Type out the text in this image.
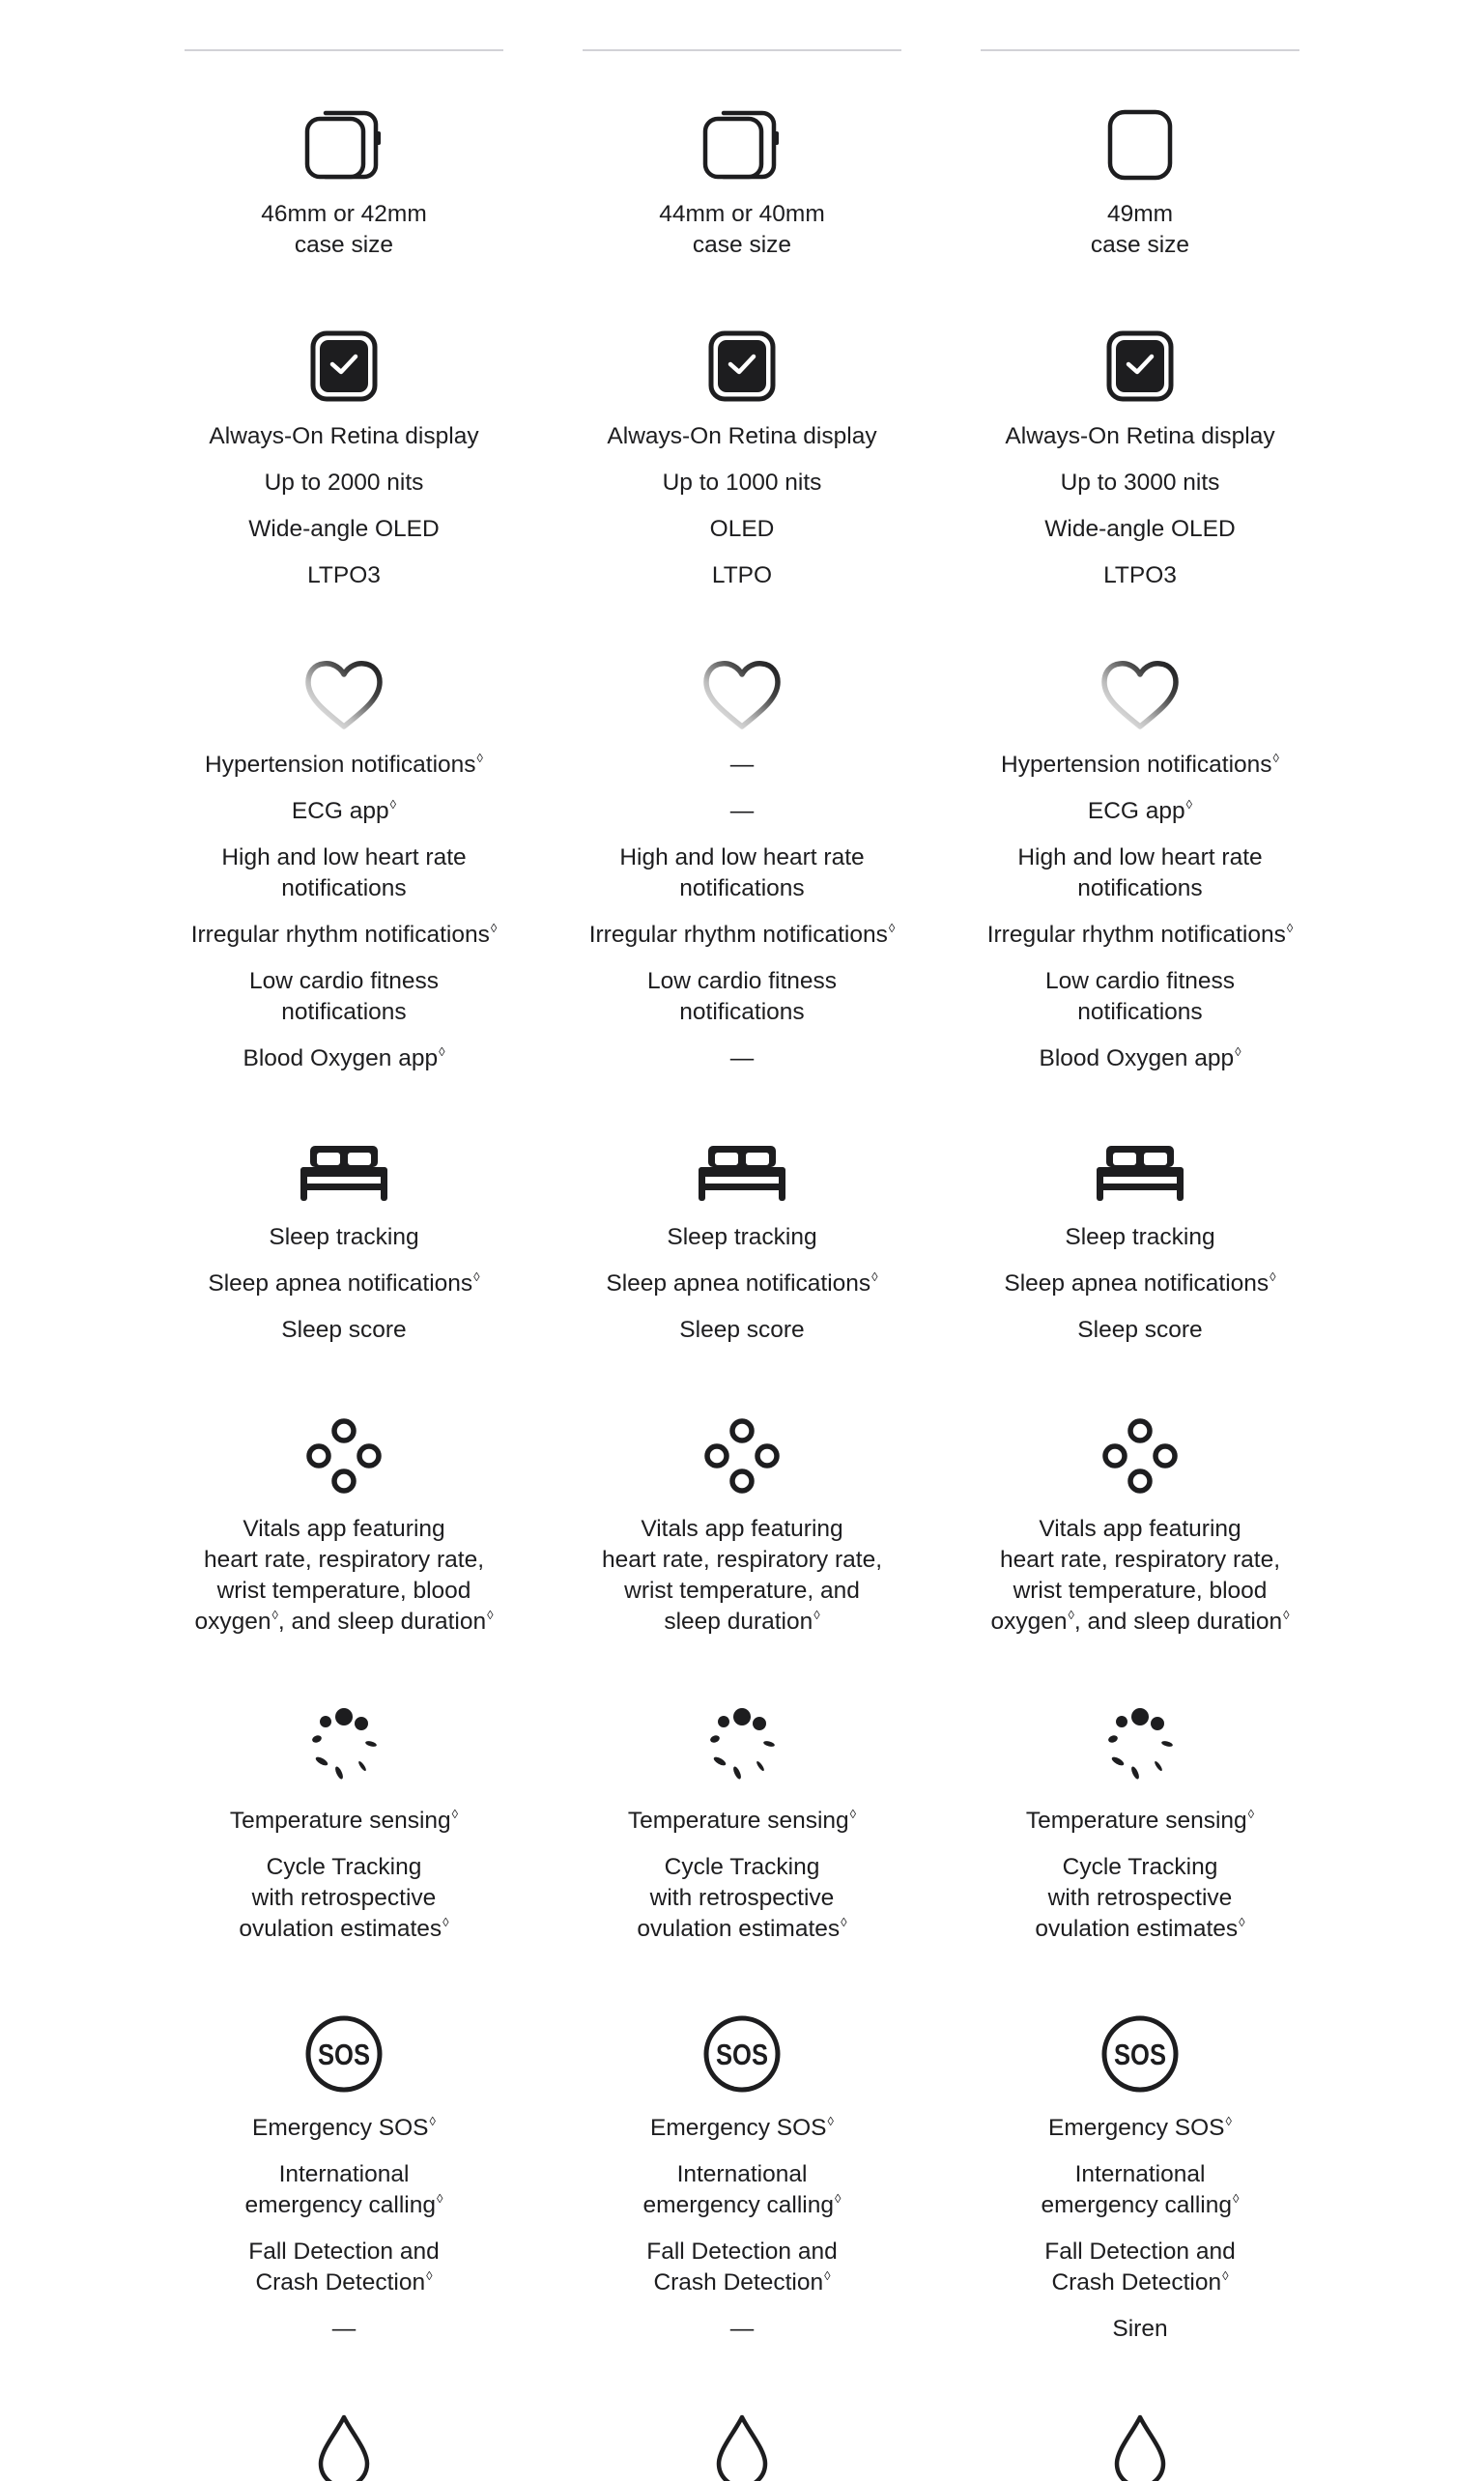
46mm or 42mm
case size
Always-On Retina display
Up to 2000 nits
Wide-angle OLED
LTPO3
Hypertension notifications◊
ECG app◊
High and low heart rate
notifications
Irregular rhythm notifications◊
Low cardio fitness
notifications
Blood Oxygen app◊
Sleep tracking
Sleep apnea notifications◊
Sleep score
Vitals app featuring
heart rate, respiratory rate,
wrist temperature, blood
oxygen◊, and sleep duration◊
Temperature sensing◊
Cycle Tracking
with retrospective
ovulation estimates◊
SOS
Emergency SOS◊
International
emergency calling◊
Fall Detection and
Crash Detection◊
—
44mm or 40mm
case size
Always-On Retina display
Up to 1000 nits
OLED
LTPO
—
—
High and low heart rate
notifications
Irregular rhythm notifications◊
Low cardio fitness
notifications
—
Sleep tracking
Sleep apnea notifications◊
Sleep score
Vitals app featuring
heart rate, respiratory rate,
wrist temperature, and
sleep duration◊
Temperature sensing◊
Cycle Tracking
with retrospective
ovulation estimates◊
SOS
Emergency SOS◊
International
emergency calling◊
Fall Detection and
Crash Detection◊
—
49mm
case size
Always-On Retina display
Up to 3000 nits
Wide-angle OLED
LTPO3
Hypertension notifications◊
ECG app◊
High and low heart rate
notifications
Irregular rhythm notifications◊
Low cardio fitness
notifications
Blood Oxygen app◊
Sleep tracking
Sleep apnea notifications◊
Sleep score
Vitals app featuring
heart rate, respiratory rate,
wrist temperature, blood
oxygen◊, and sleep duration◊
Temperature sensing◊
Cycle Tracking
with retrospective
ovulation estimates◊
SOS
Emergency SOS◊
International
emergency calling◊
Fall Detection and
Crash Detection◊
Siren
